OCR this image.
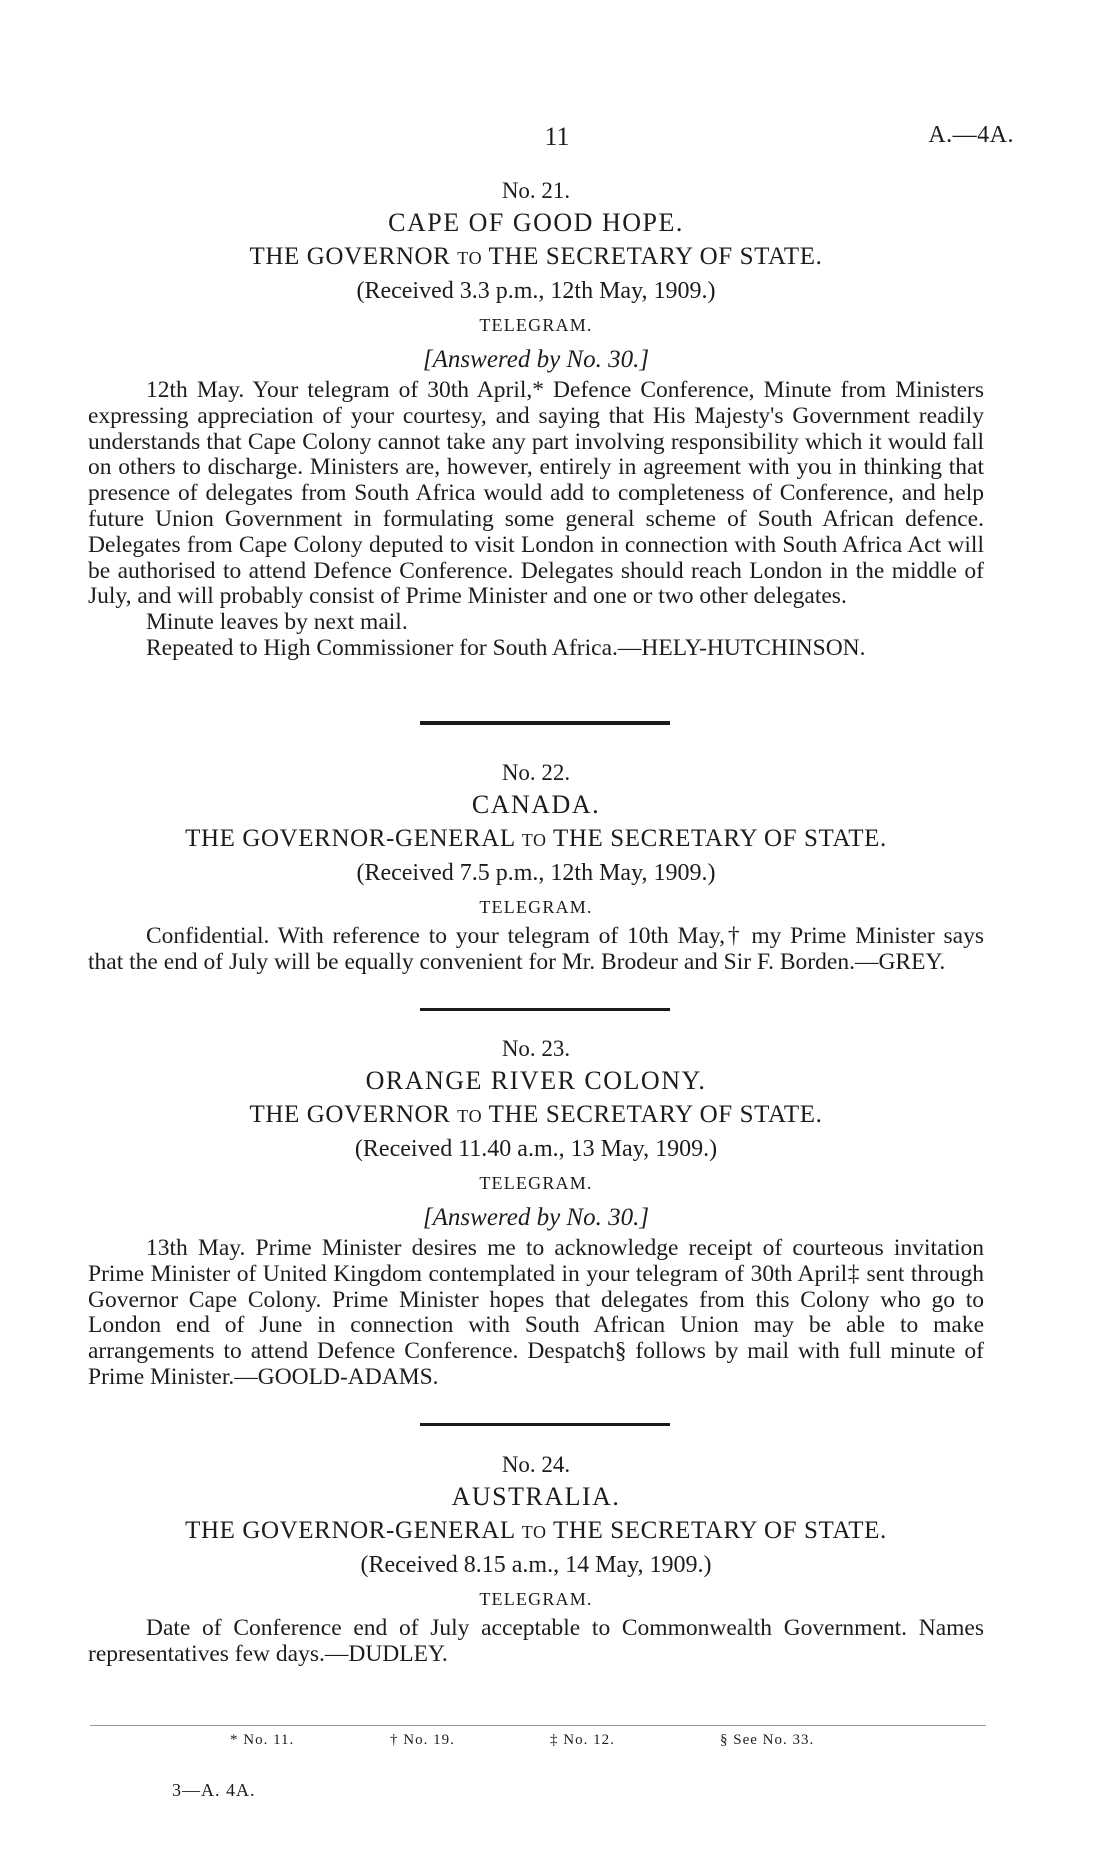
11	A.—4A.
No. 21.
CAPE OF GOOD HOPE.
THE GOVERNOR to THE SECRETARY OF STATE.
(Received 3.3 p.m., 12th May, 1909.)
TELEGRAM.
[Answered by No. 30.]

12th May. Your telegram of 30th April,* Defence Conference, Minute from Ministers expressing appreciation of your courtesy, and saying that His Majesty's Government readily understands that Cape Colony cannot take any part involving responsibility which it would fall on others to discharge. Ministers are, however, entirely in agreement with you in thinking that presence of delegates from South Africa would add to completeness of Conference, and help future Union Government in formulating some general scheme of South African defence. Delegates from Cape Colony deputed to visit London in connection with South Africa Act will be authorised to attend Defence Conference. Delegates should reach London in the middle of July, and will probably consist of Prime Minister and one or two other delegates.

Minute leaves by next mail.

Repeated to High Commissioner for South Africa.—HELY-HUTCHINSON.

No. 22.
CANADA.
THE GOVERNOR-GENERAL to THE SECRETARY OF STATE.
(Received 7.5 p.m., 12th May, 1909.)
TELEGRAM.

Confidential. With reference to your telegram of 10th May,† my Prime Minister says that the end of July will be equally convenient for Mr. Brodeur and Sir F. Borden.—GREY.

No. 23.
ORANGE RIVER COLONY.
THE GOVERNOR to THE SECRETARY OF STATE.
(Received 11.40 a.m., 13 May, 1909.)
TELEGRAM.
[Answered by No. 30.]

13th May. Prime Minister desires me to acknowledge receipt of courteous invitation Prime Minister of United Kingdom contemplated in your telegram of 30th April‡ sent through Governor Cape Colony. Prime Minister hopes that delegates from this Colony who go to London end of June in connection with South African Union may be able to make arrangements to attend Defence Conference. Despatch§ follows by mail with full minute of Prime Minister.—GOOLD-ADAMS.

No. 24.
AUSTRALIA.
THE GOVERNOR-GENERAL to THE SECRETARY OF STATE.
(Received 8.15 a.m., 14 May, 1909.)
TELEGRAM.

Date of Conference end of July acceptable to Commonwealth Government. Names representatives few days.—DUDLEY.

* No. 11.	† No. 19.	‡ No. 12.	§ See No. 33.
3—A. 4A.
